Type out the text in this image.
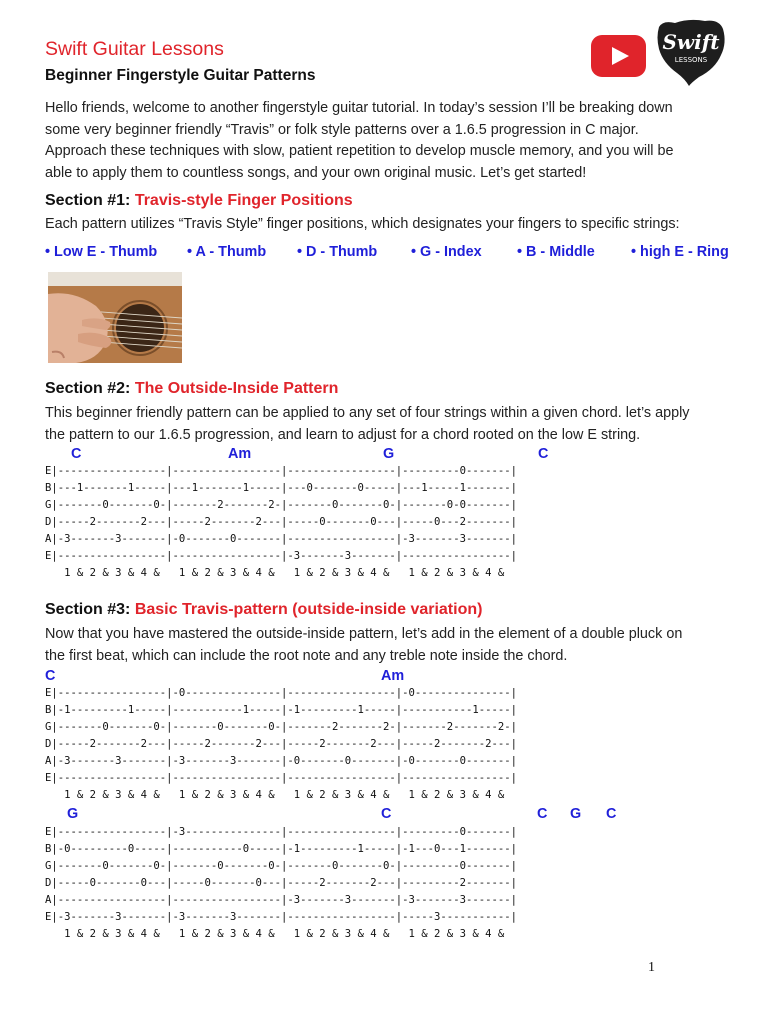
Swift Guitar Lessons
Beginner Fingerstyle Guitar Patterns
Swift
LESSONS
Hello friends, welcome to another fingerstyle guitar tutorial. In today’s session I’ll be breaking down
some very beginner friendly “Travis” or folk style patterns over a 1.6.5 progression in C major.
Approach these techniques with slow, patient repetition to develop muscle memory, and you will be
able to apply them to countless songs, and your own original music. Let’s get started!
Section #1: Travis-style Finger Positions
Each pattern utilizes “Travis Style” finger positions, which designates your fingers to specific strings:
• Low E - Thumb • A - Thumb • D - Thumb • G - Index • B - Middle	• high E - Ring
Section #2: The Outside-Inside Pattern
This beginner friendly pattern can be applied to any set of four strings within a given chord. let’s apply
the pattern to our 1.6.5 progression, and learn to adjust for a chord rooted on the low E string.
C	Am	G	C
E|-----------------|-----------------|-----------------|---------0-------|
B|---1-------1-----|---1-------1-----|---0-------0-----|---1-----1-------|
G|-------0-------0-|-------2-------2-|-------0-------0-|-------0-0-------|
D|-----2-------2---|-----2-------2---|-----0-------0---|-----0---2-------|
A|-3-------3-------|-0-------0-------|-----------------|-3-------3-------|
E|-----------------|-----------------|-3-------3-------|-----------------|
1 & 2 & 3 & 4 &   1 & 2 & 3 & 4 &   1 & 2 & 3 & 4 &   1 & 2 & 3 & 4 &
Section #3: Basic Travis-pattern (outside-inside variation)
Now that you have mastered the outside-inside pattern, let’s add in the element of a double pluck on
the first beat, which can include the root note and any treble note inside the chord.
C	Am
E|-----------------|-0---------------|-----------------|-0---------------|
B|-1---------1-----|-----------1-----|-1---------1-----|-----------1-----|
G|-------0-------0-|-------0-------0-|-------2-------2-|-------2-------2-|
D|-----2-------2---|-----2-------2---|-----2-------2---|-----2-------2---|
A|-3-------3-------|-3-------3-------|-0-------0-------|-0-------0-------|
E|-----------------|-----------------|-----------------|-----------------|
1 & 2 & 3 & 4 &   1 & 2 & 3 & 4 &   1 & 2 & 3 & 4 &   1 & 2 & 3 & 4 &
G	C	C G C
E|-----------------|-3---------------|-----------------|---------0-------|
B|-0---------0-----|-----------0-----|-1---------1-----|-1---0---1-------|
G|-------0-------0-|-------0-------0-|-------0-------0-|---------0-------|
D|-----0-------0---|-----0-------0---|-----2-------2---|---------2-------|
A|-----------------|-----------------|-3-------3-------|-3-------3-------|
E|-3-------3-------|-3-------3-------|-----------------|-----3-----------|
1 & 2 & 3 & 4 &   1 & 2 & 3 & 4 &   1 & 2 & 3 & 4 &   1 & 2 & 3 & 4 &
1
